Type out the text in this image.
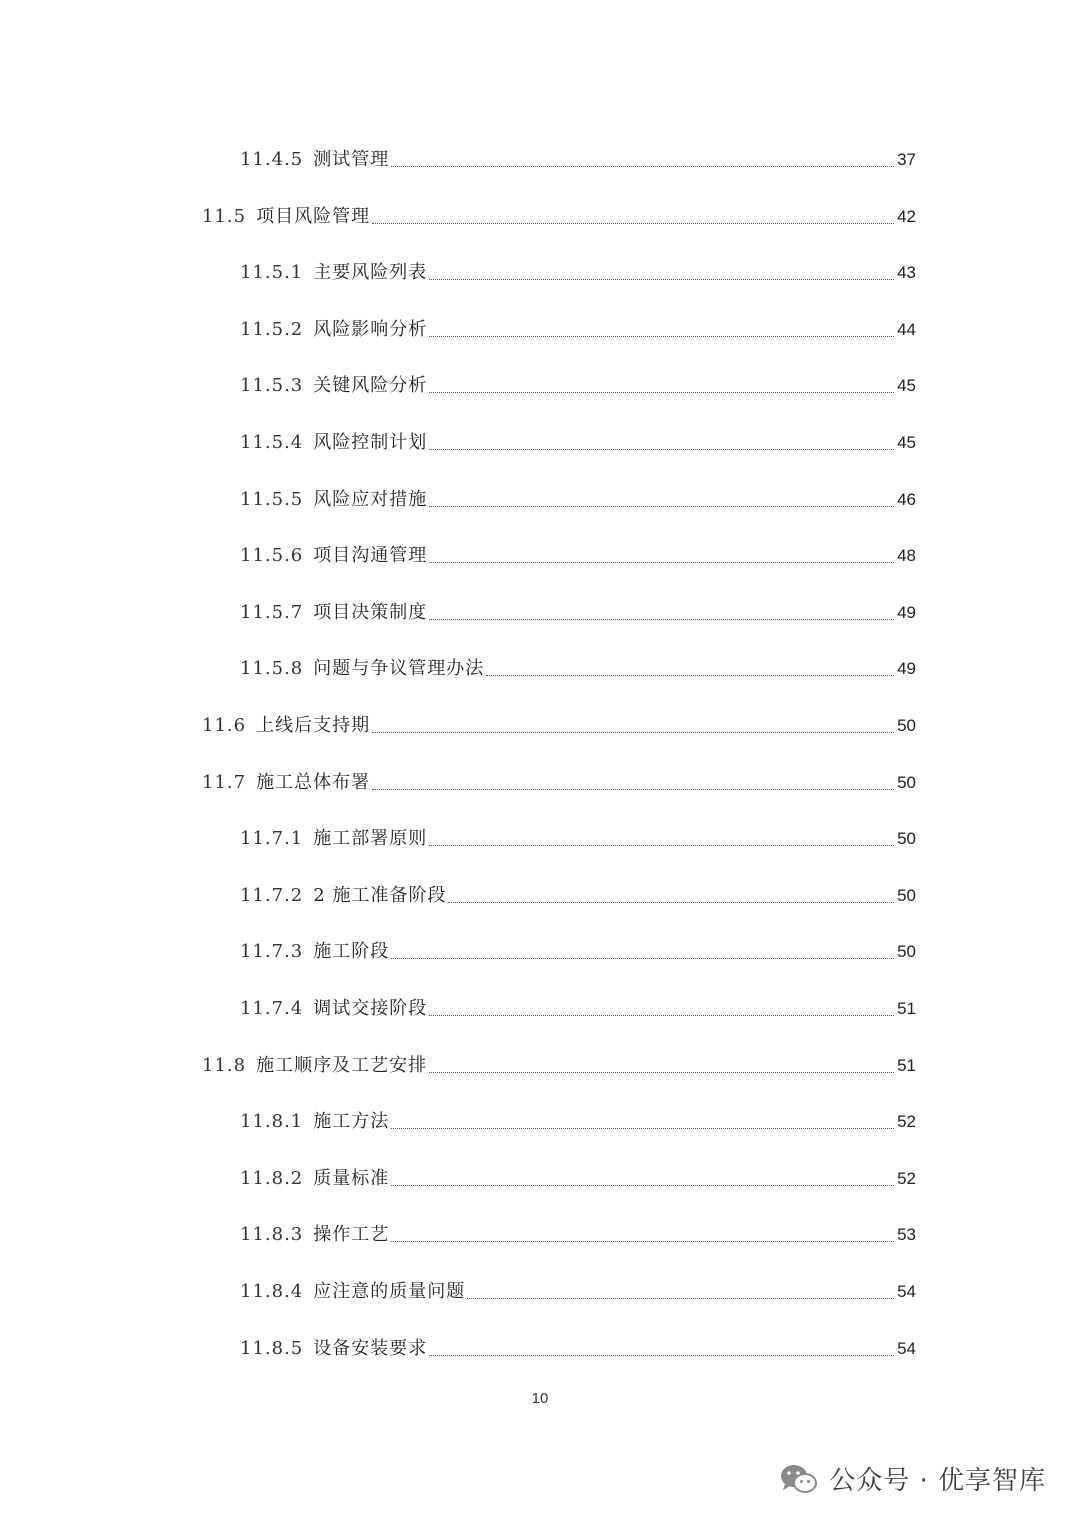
11.4.5 测试管理	37
11.5 项目风险管理	42
11.5.1 主要风险列表	43
11.5.2 风险影响分析	44
11.5.3 关键风险分析	45
11.5.4 风险控制计划	45
11.5.5 风险应对措施	46
11.5.6 项目沟通管理	48
11.5.7 项目决策制度	49
11.5.8 问题与争议管理办法	49
11.6 上线后支持期	50
11.7 施工总体布署	50
11.7.1 施工部署原则	50
11.7.2 2 施工准备阶段	50
11.7.3 施工阶段	50
11.7.4 调试交接阶段	51
11.8 施工顺序及工艺安排	51
11.8.1 施工方法	52
11.8.2 质量标准	52
11.8.3 操作工艺	53
11.8.4 应注意的质量问题	54
11.8.5 设备安装要求	54
10
公众号 · 优享智库
